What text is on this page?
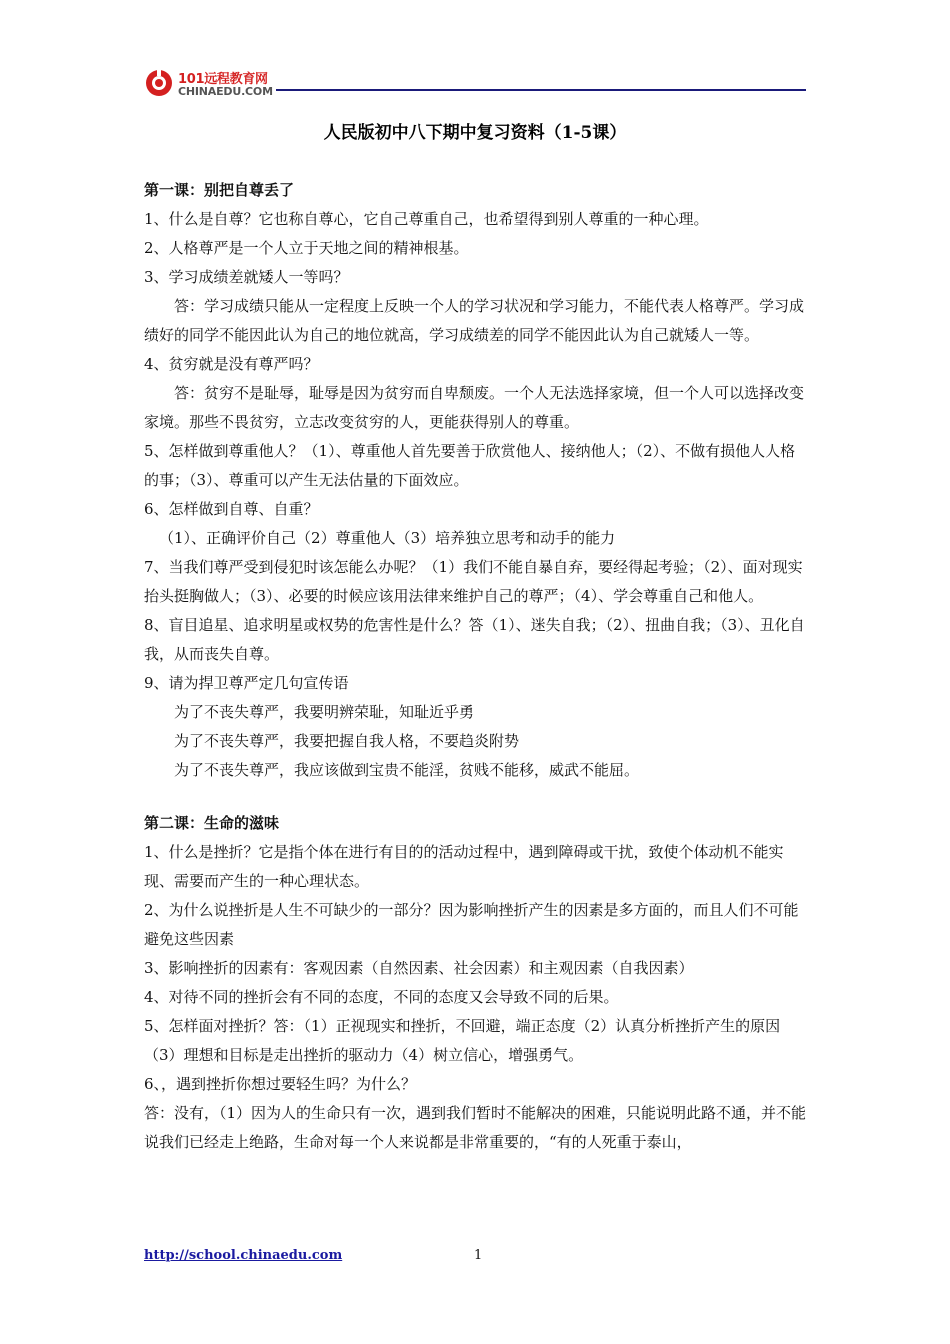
101远程教育网
CHINAEDU.COM
人民版初中八下期中复习资料（1-5课）

第一课：别把自尊丢了

1、什么是自尊？它也称自尊心，它自己尊重自己，也希望得到别人尊重的一种心理。

2、人格尊严是一个人立于天地之间的精神根基。

3、学习成绩差就矮人一等吗？

答：学习成绩只能从一定程度上反映一个人的学习状况和学习能力，不能代表人格尊严。学习成绩好的同学不能因此认为自己的地位就高，学习成绩差的同学不能因此认为自己就矮人一等。

4、贫穷就是没有尊严吗？

答：贫穷不是耻辱，耻辱是因为贫穷而自卑颓废。一个人无法选择家境，但一个人可以选择改变家境。那些不畏贫穷，立志改变贫穷的人，更能获得别人的尊重。

5、怎样做到尊重他人？（1）、尊重他人首先要善于欣赏他人、接纳他人；（2）、不做有损他人人格的事；（3）、尊重可以产生无法估量的下面效应。

6、怎样做到自尊、自重？

（1）、正确评价自己（2）尊重他人（3）培养独立思考和动手的能力

7、当我们尊严受到侵犯时该怎能么办呢？（1）我们不能自暴自弃，要经得起考验；（2）、面对现实抬头挺胸做人；（3）、必要的时候应该用法律来维护自己的尊严；（4）、学会尊重自己和他人。

8、盲目追星、追求明星或权势的危害性是什么？答（1）、迷失自我；（2）、扭曲自我；（3）、丑化自我，从而丧失自尊。

9、请为捍卫尊严定几句宣传语

为了不丧失尊严，我要明辨荣耻，知耻近乎勇

为了不丧失尊严，我要把握自我人格，不要趋炎附势

为了不丧失尊严，我应该做到宝贵不能淫，贫贱不能移，威武不能屈。

第二课：生命的滋味

1、什么是挫折？它是指个体在进行有目的的活动过程中，遇到障碍或干扰，致使个体动机不能实现、需要而产生的一种心理状态。

2、为什么说挫折是人生不可缺少的一部分？因为影响挫折产生的因素是多方面的，而且人们不可能避免这些因素

3、影响挫折的因素有：客观因素（自然因素、社会因素）和主观因素（自我因素）

4、对待不同的挫折会有不同的态度，不同的态度又会导致不同的后果。

5、怎样面对挫折？答：（1）正视现实和挫折，不回避，端正态度（2）认真分析挫折产生的原因（3）理想和目标是走出挫折的驱动力（4）树立信心，增强勇气。

6、，遇到挫折你想过要轻生吗？为什么？

答：没有，（1）因为人的生命只有一次，遇到我们暂时不能解决的困难，只能说明此路不通，并不能说我们已经走上绝路，生命对每一个人来说都是非常重要的，“有的人死重于泰山，

http://school.chinaedu.com	1
